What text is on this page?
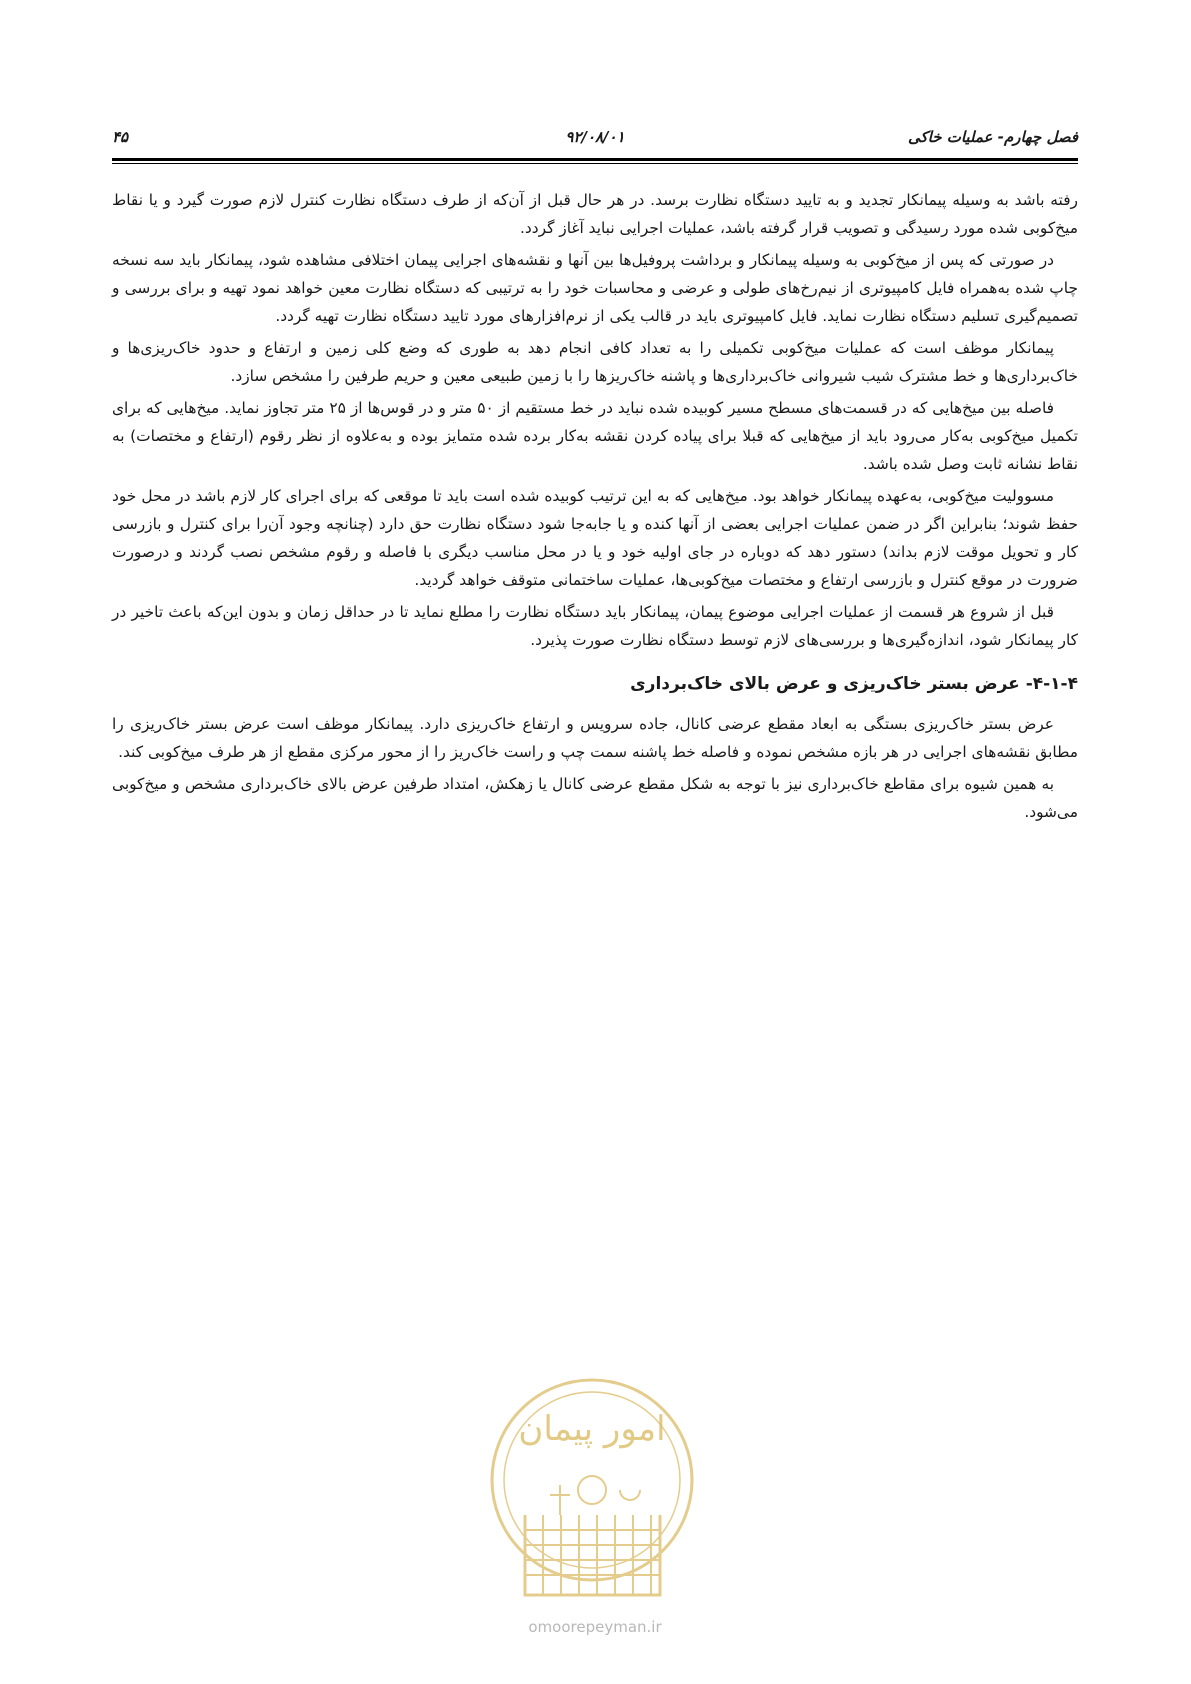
فصل چهارم- عملیات خاکی
۹۲/۰۸/۰۱
۴۵

رفته باشد به وسیله پیمانکار تجدید و به تایید دستگاه نظارت برسد. در هر حال قبل از آن‌که از طرف دستگاه نظارت کنترل لازم صورت گیرد و یا نقاط میخ‌کوبی شده مورد رسیدگی و تصویب قرار گرفته باشد، عملیات اجرایی نباید آغاز گردد.

در صورتی که پس از میخ‌کوبی به وسیله پیمانکار و برداشت پروفیل‌ها بین آنها و نقشه‌های اجرایی پیمان اختلافی مشاهده شود، پیمانکار باید سه نسخه چاپ شده به‌همراه فایل کامپیوتری از نیم‌رخ‌های طولی و عرضی و محاسبات خود را به ترتیبی که دستگاه نظارت معین خواهد نمود تهیه و برای بررسی و تصمیم‌گیری تسلیم دستگاه نظارت نماید. فایل کامپیوتری باید در قالب یکی از نرم‌افزارهای مورد تایید دستگاه نظارت تهیه گردد.

پیمانکار موظف است که عملیات میخ‌کوبی تکمیلی را به تعداد کافی انجام دهد به طوری که وضع کلی زمین و ارتفاع و حدود خاک‌ریزی‌ها و خاک‌برداری‌ها و خط مشترک شیب شیروانی خاک‌برداری‌ها و پاشنه خاک‌ریزها را با زمین طبیعی معین و حریم طرفین را مشخص سازد.

فاصله بین میخ‌هایی که در قسمت‌های مسطح مسیر کوبیده شده نباید در خط مستقیم از ۵۰ متر و در قوس‌ها از ۲۵ متر تجاوز نماید. میخ‌هایی که برای تکمیل میخ‌کوبی به‌کار می‌رود باید از میخ‌هایی که قبلا برای پیاده کردن نقشه به‌کار برده شده متمایز بوده و به‌علاوه از نظر رقوم (ارتفاع و مختصات) به نقاط نشانه ثابت وصل شده باشد.

مسوولیت میخ‌کوبی، به‌عهده پیمانکار خواهد بود. میخ‌هایی که به این ترتیب کوبیده شده است باید تا موقعی که برای اجرای کار لازم باشد در محل خود حفظ شوند؛ بنابراین اگر در ضمن عملیات اجرایی بعضی از آنها کنده و یا جابه‌جا شود دستگاه نظارت حق دارد (چنانچه وجود آن‌را برای کنترل و بازرسی کار و تحویل موقت لازم بداند) دستور دهد که دوباره در جای اولیه خود و یا در محل مناسب دیگری با فاصله و رقوم مشخص نصب گردند و درصورت ضرورت در موقع کنترل و بازرسی ارتفاع و مختصات میخ‌کوبی‌ها، عملیات ساختمانی متوقف خواهد گردید.

قبل از شروع هر قسمت از عملیات اجرایی موضوع پیمان، پیمانکار باید دستگاه نظارت را مطلع نماید تا در حداقل زمان و بدون این‌که باعث تاخیر در کار پیمانکار شود، اندازه‌گیری‌ها و بررسی‌های لازم توسط دستگاه نظارت صورت پذیرد.

۴-۱-۴- عرض بستر خاک‌ریزی و عرض بالای خاک‌برداری

عرض بستر خاک‌ریزی بستگی به ابعاد مقطع عرضی کانال، جاده سرویس و ارتفاع خاک‌ریزی دارد. پیمانکار موظف است عرض بستر خاک‌ریزی را مطابق نقشه‌های اجرایی در هر بازه مشخص نموده و فاصله خط پاشنه سمت چپ و راست خاک‌ریز را از محور مرکزی مقطع از هر طرف میخ‌کوبی کند.

به همین شیوه برای مقاطع خاک‌برداری نیز با توجه به شکل مقطع عرضی کانال یا زهکش، امتداد طرفین عرض بالای خاک‌برداری مشخص و میخ‌کوبی می‌شود.

امور پیمان
omoorepeyman.ir
